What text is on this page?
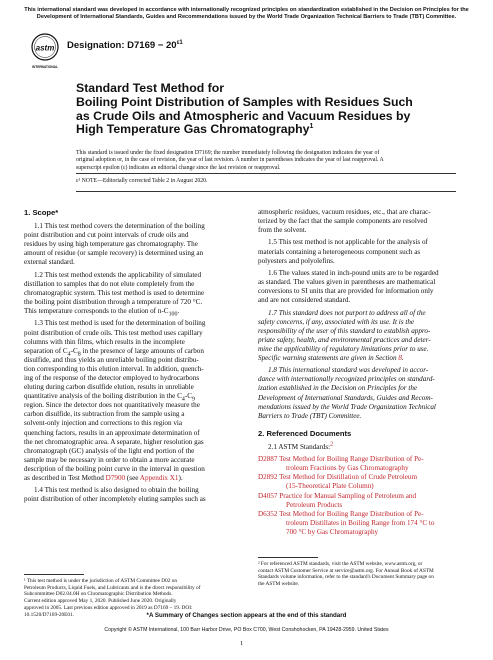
This international standard was developed in accordance with internationally recognized principles on standardization established in the Decision on Principles for the
Development of International Standards, Guides and Recommendations issued by the World Trade Organization Technical Barriers to Trade (TBT) Committee.
astm
INTERNATIONAL
Designation: $D7169 - 20^{\varepsilon 1}$
Standard Test Method for
Boiling Point Distribution of Samples with Residues Such
as Crude Oils and Atmospheric and Vacuum Residues by
High Temperature Gas Chromatography$^1$
This standard is issued under the fixed designation D7169; the number immediately following the designation indicates the year of
original adoption or, in the case of revision, the year of last revision. A number in parentheses indicates the year of last reapproval. A
superscript epsilon (ε) indicates an editorial change since the last revision or reapproval.
ε¹ NOTE—Editorially corrected Table 2 in August 2020.
1. Scope*

1.1 This test method covers the determination of the boiling
point distribution and cut point intervals of crude oils and
residues by using high temperature gas chromatography. The
amount of residue (or sample recovery) is determined using an
external standard.

1.2 This test method extends the applicability of simulated
distillation to samples that do not elute completely from the
chromatographic system. This test method is used to determine
the boiling point distribution through a temperature of 720 °C.
This temperature corresponds to the elution of $n-C_{100}$.

1.3 This test method is used for the determination of boiling
point distribution of crude oils. This test method uses capillary
columns with thin films, which results in the incomplete
separation of $C_4-C_8$ in the presence of large amounts of carbon
disulfide, and thus yields an unreliable boiling point distribu-
tion corresponding to this elution interval. In addition, quench-
ing of the response of the detector employed to hydrocarbons
eluting during carbon disulfide elution, results in unreliable
quantitative analysis of the boiling distribution in the $C_4-C_9$
region. Since the detector does not quantitatively measure the
carbon disulfide, its subtraction from the sample using a
solvent-only injection and corrections to this region via
quenching factors, results in an approximate determination of
the net chromatographic area. A separate, higher resolution gas
chromatograph (GC) analysis of the light end portion of the
sample may be necessary in order to obtain a more accurate
description of the boiling point curve in the interval in question
as described in Test Method D7900 (see Appendix X1).

1.4 This test method is also designed to obtain the boiling
point distribution of other incompletely eluting samples such as

atmospheric residues, vacuum residues, etc., that are charac-
terized by the fact that the sample components are resolved
from the solvent.

1.5 This test method is not applicable for the analysis of
materials containing a heterogeneous component such as
polyesters and polyolefins.

1.6 The values stated in inch-pound units are to be regarded
as standard. The values given in parentheses are mathematical
conversions to SI units that are provided for information only
and are not considered standard.

1.7 This standard does not purport to address all of the
safety concerns, if any, associated with its use. It is the
responsibility of the user of this standard to establish appro-
priate safety, health, and environmental practices and deter-
mine the applicability of regulatory limitations prior to use.
Specific warning statements are given in Section 8.

1.8 This international standard was developed in accor-
dance with internationally recognized principles on standard-
ization established in the Decision on Principles for the
Development of International Standards, Guides and Recom-
mendations issued by the World Trade Organization Technical
Barriers to Trade (TBT) Committee.

2. Referenced Documents

2.1 ASTM Standards:$^2$

D2887 Test Method for Boiling Range Distribution of Pe-
troleum Fractions by Gas Chromatography
D2892 Test Method for Distillation of Crude Petroleum
(15-Theoretical Plate Column)
D4057 Practice for Manual Sampling of Petroleum and
Petroleum Products
D6352 Test Method for Boiling Range Distribution of Pe-
troleum Distillates in Boiling Range from 174 °C to
700 °C by Gas Chromatography

¹ This test method is under the jurisdiction of ASTM Committee D02 on
Petroleum Products, Liquid Fuels, and Lubricants and is the direct responsibility of
Subcommittee D02.04.0H on Chromatographic Distribution Methods.
Current edition approved May 1, 2020. Published June 2020. Originally
approved in 2005. Last previous edition approved in 2019 as D7169 – 19. DOI:
10.1520/D7169-20E01.

² For referenced ASTM standards, visit the ASTM website, www.astm.org, or
contact ASTM Customer Service at service@astm.org. For Annual Book of ASTM
Standards volume information, refer to the standard's Document Summary page on
the ASTM website.

*A Summary of Changes section appears at the end of this standard
Copyright © ASTM International, 100 Barr Harbor Drive, PO Box C700, West Conshohocken, PA 19428-2959. United States
1
